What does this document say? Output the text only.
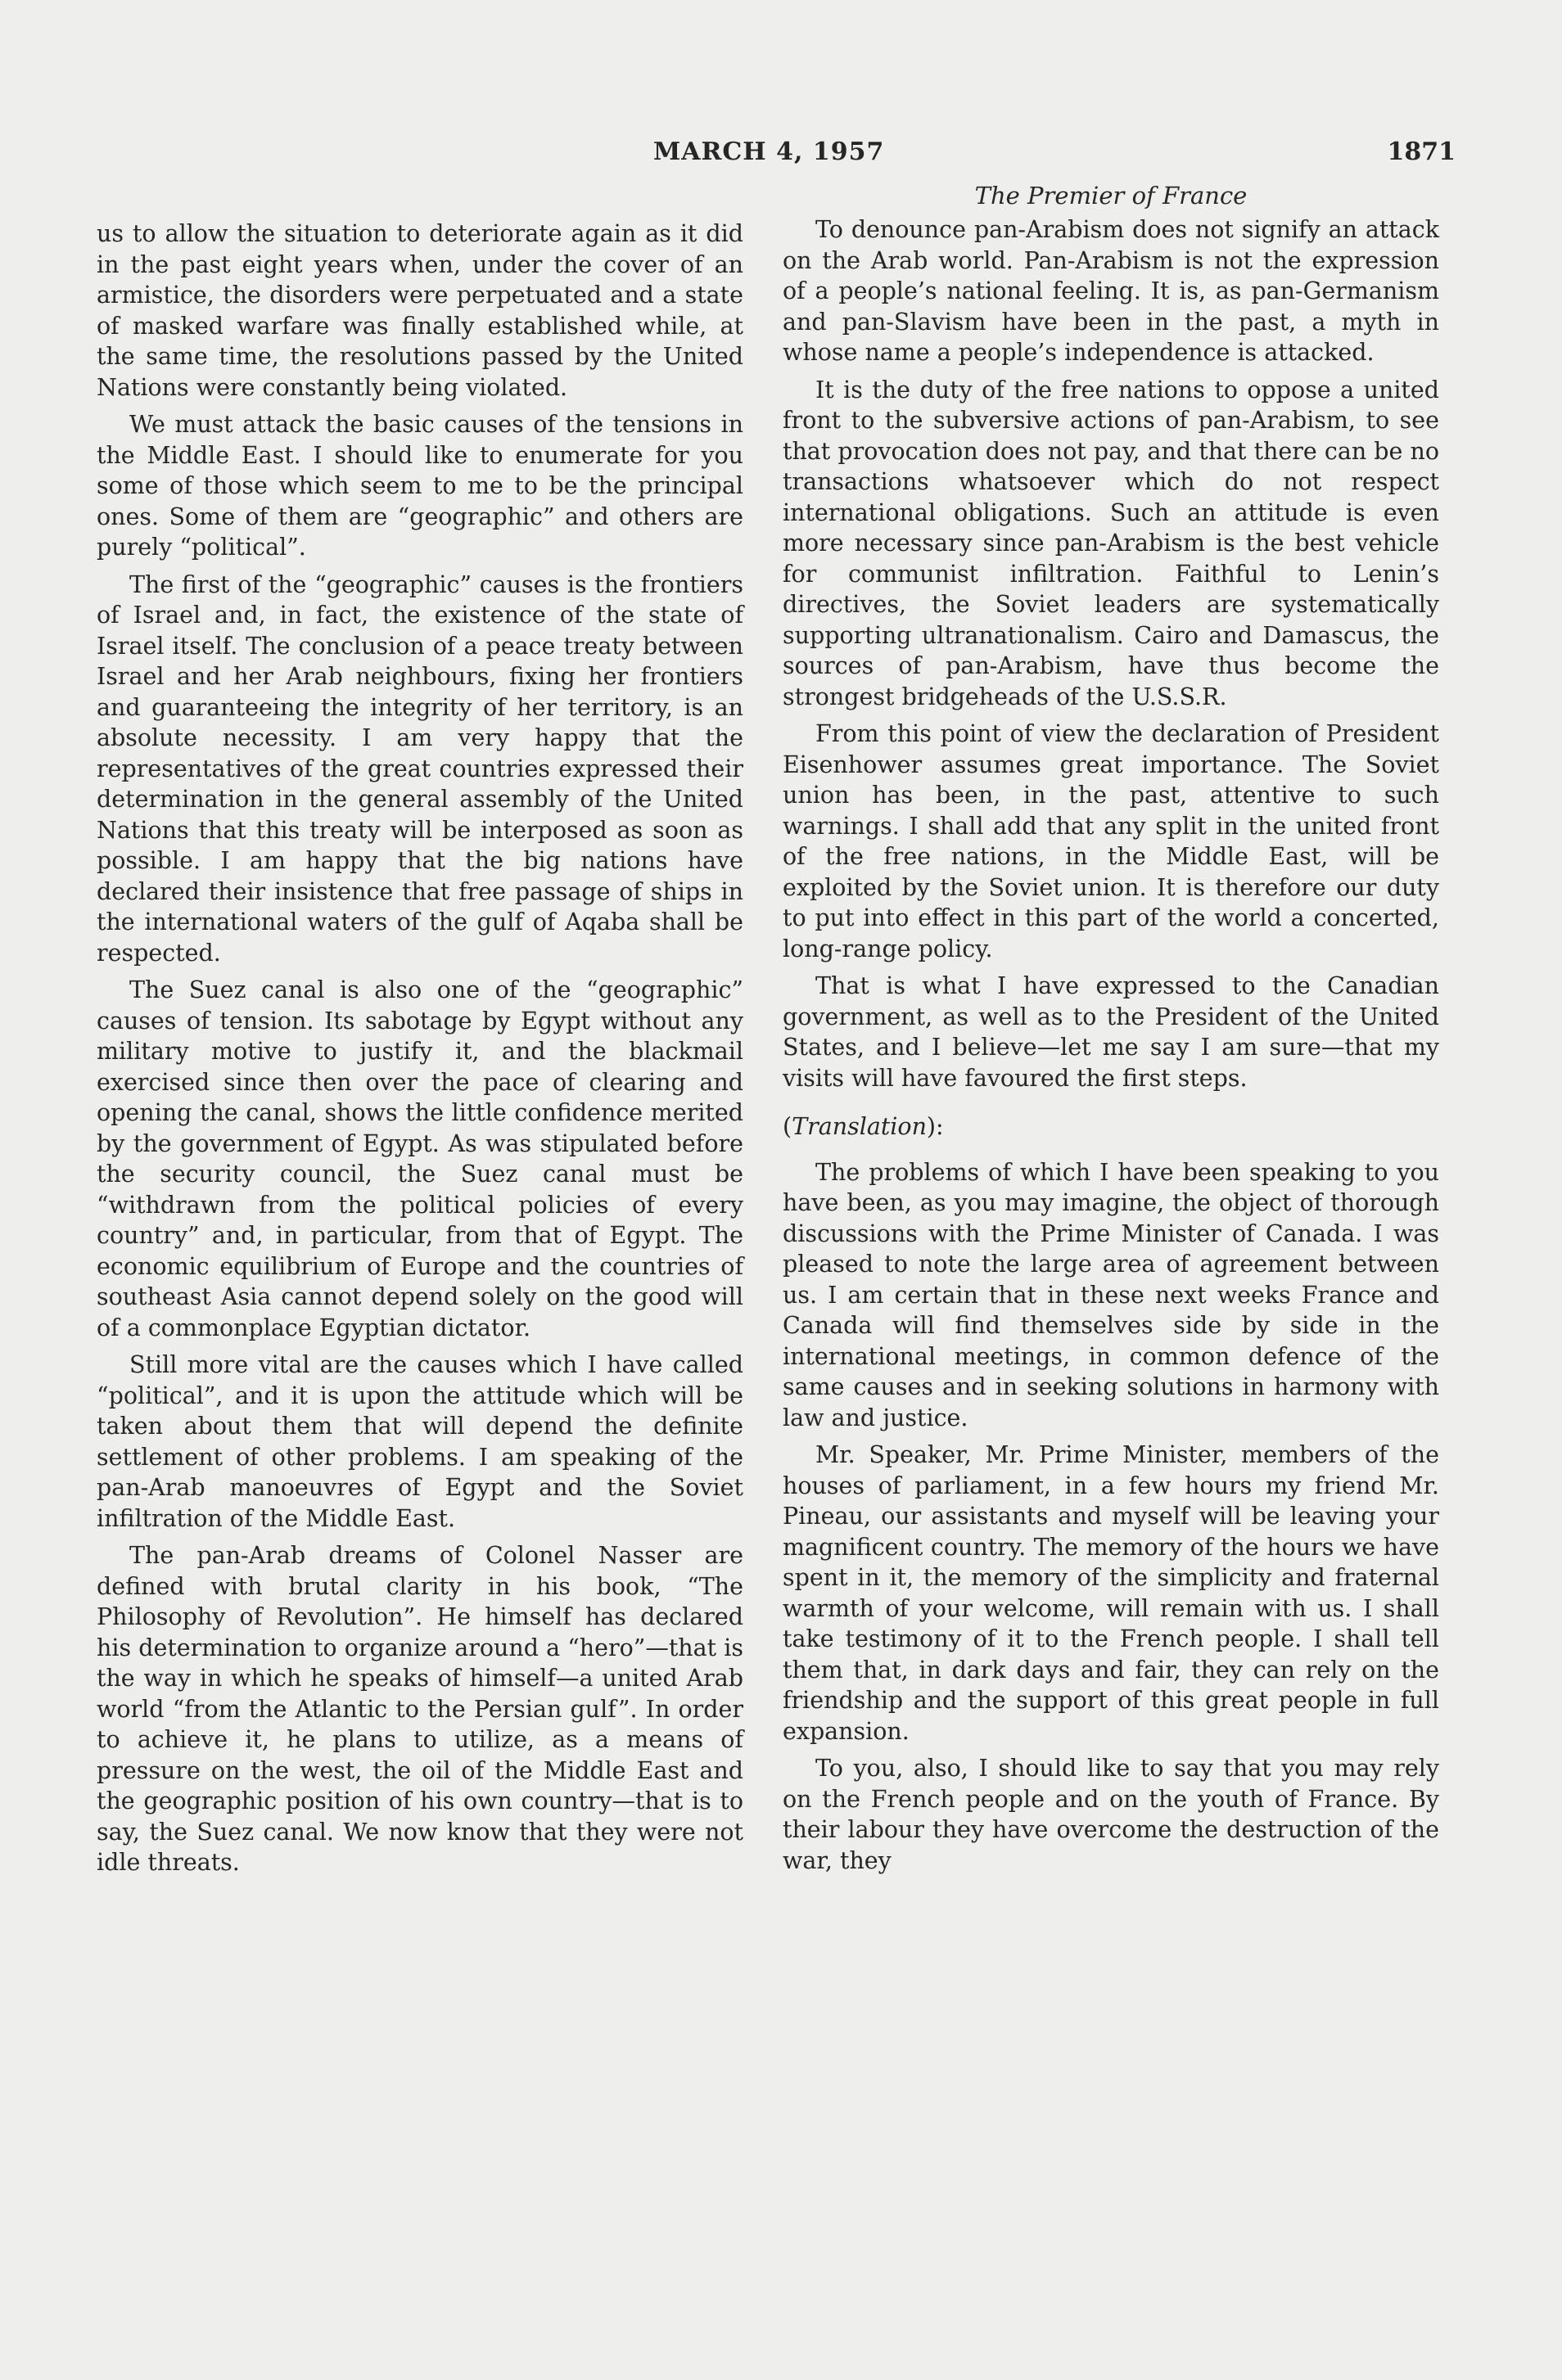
MARCH 4, 1957	1871
The Premier of France

us to allow the situation to deteriorate again as it did in the past eight years when, under the cover of an armistice, the disorders were perpetuated and a state of masked warfare was finally established while, at the same time, the resolutions passed by the United Nations were constantly being violated.

We must attack the basic causes of the tensions in the Middle East. I should like to enumerate for you some of those which seem to me to be the principal ones. Some of them are “geographic” and others are purely “political”.

The first of the “geographic” causes is the frontiers of Israel and, in fact, the existence of the state of Israel itself. The conclusion of a peace treaty between Israel and her Arab neighbours, fixing her frontiers and guaranteeing the integrity of her territory, is an absolute necessity. I am very happy that the representatives of the great countries expressed their determination in the general assembly of the United Nations that this treaty will be interposed as soon as possible. I am happy that the big nations have declared their insistence that free passage of ships in the international waters of the gulf of Aqaba shall be respected.

The Suez canal is also one of the “geographic” causes of tension. Its sabotage by Egypt without any military motive to justify it, and the blackmail exercised since then over the pace of clearing and opening the canal, shows the little confidence merited by the government of Egypt. As was stipulated before the security council, the Suez canal must be “withdrawn from the political policies of every country” and, in particular, from that of Egypt. The economic equilibrium of Europe and the countries of southeast Asia cannot depend solely on the good will of a commonplace Egyptian dictator.

Still more vital are the causes which I have called “political”, and it is upon the attitude which will be taken about them that will depend the definite settlement of other problems. I am speaking of the pan-Arab manoeuvres of Egypt and the Soviet infiltration of the Middle East.

The pan-Arab dreams of Colonel Nasser are defined with brutal clarity in his book, “The Philosophy of Revolution”. He himself has declared his determination to organize around a “hero”—that is the way in which he speaks of himself—a united Arab world “from the Atlantic to the Persian gulf”. In order to achieve it, he plans to utilize, as a means of pressure on the west, the oil of the Middle East and the geographic position of his own country—that is to say, the Suez canal. We now know that they were not idle threats.

To denounce pan-Arabism does not signify an attack on the Arab world. Pan-Arabism is not the expression of a people’s national feeling. It is, as pan-Germanism and pan-Slavism have been in the past, a myth in whose name a people’s independence is attacked.

It is the duty of the free nations to oppose a united front to the subversive actions of pan-Arabism, to see that provocation does not pay, and that there can be no transactions whatsoever which do not respect international obligations. Such an attitude is even more necessary since pan-Arabism is the best vehicle for communist infiltration. Faithful to Lenin’s directives, the Soviet leaders are systematically supporting ultranationalism. Cairo and Damascus, the sources of pan-Arabism, have thus become the strongest bridgeheads of the U.S.S.R.

From this point of view the declaration of President Eisenhower assumes great importance. The Soviet union has been, in the past, attentive to such warnings. I shall add that any split in the united front of the free nations, in the Middle East, will be exploited by the Soviet union. It is therefore our duty to put into effect in this part of the world a concerted, long-range policy.

That is what I have expressed to the Canadian government, as well as to the President of the United States, and I believe—let me say I am sure—that my visits will have favoured the first steps.

(Translation):

The problems of which I have been speaking to you have been, as you may imagine, the object of thorough discussions with the Prime Minister of Canada. I was pleased to note the large area of agreement between us. I am certain that in these next weeks France and Canada will find themselves side by side in the international meetings, in common defence of the same causes and in seeking solutions in harmony with law and justice.

Mr. Speaker, Mr. Prime Minister, members of the houses of parliament, in a few hours my friend Mr. Pineau, our assistants and myself will be leaving your magnificent country. The memory of the hours we have spent in it, the memory of the simplicity and fraternal warmth of your welcome, will remain with us. I shall take testimony of it to the French people. I shall tell them that, in dark days and fair, they can rely on the friendship and the support of this great people in full expansion.

To you, also, I should like to say that you may rely on the French people and on the youth of France. By their labour they have overcome the destruction of the war, they
